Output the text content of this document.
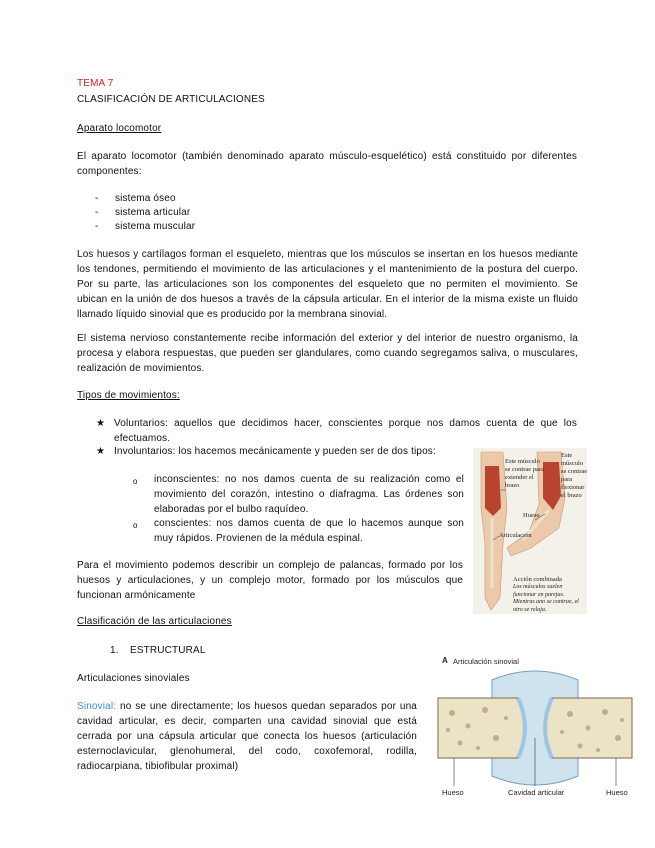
TEMA 7
CLASIFICACIÓN DE ARTICULACIONES
Aparato locomotor
El aparato locomotor (también denominado aparato músculo-esquelético) está constituido por diferentes componentes:
- sistema óseo
- sistema articular
- sistema muscular
Los huesos y cartílagos forman el esqueleto, mientras que los músculos se insertan en los huesos mediante los tendones, permitiendo el movimiento de las articulaciones y el mantenimiento de la postura del cuerpo. Por su parte, las articulaciones son los componentes del esqueleto que no permiten el movimiento. Se ubican en la unión de dos huesos a través de la cápsula articular. En el interior de la misma existe un fluido llamado líquido sinovial que es producido por la membrana sinovial.
El sistema nervioso constantemente recibe información del exterior y del interior de nuestro organismo, la procesa y elabora respuestas, que pueden ser glandulares, como cuando segregamos saliva, o musculares, realización de movimientos.
Tipos de movimientos:
★ Voluntarios: aquellos que decidimos hacer, conscientes porque nos damos cuenta de que los efectuamos.
★ Involuntarios: los hacemos mecánicamente y pueden ser de dos tipos:
o inconscientes: no nos damos cuenta de su realización como el movimiento del corazón, intestino o diafragma. Las órdenes son elaboradas por el bulbo raquídeo.
o conscientes: nos damos cuenta de que lo hacemos aunque son muy rápidos. Provienen de la médula espinal.
Para el movimiento podemos describir un complejo de palancas, formado por los huesos y articulaciones, y un complejo motor, formado por los músculos que funcionan armónicamente
Este músculo se contrae para extender el brazo
Este músculo se contrae para flexionar el brazo
Hueso
Articulación
Acción combinada
Los músculos suelen funcionar en parejas. Mientras uno se contrae, el otro se relaja.
Clasificación de las articulaciones
1. ESTRUCTURAL
Articulaciones sinoviales
Sinovial: no se une directamente; los huesos quedan separados por una cavidad articular, es decir, comparten una cavidad sinovial que está cerrada por una cápsula articular que conecta los huesos (articulación esternoclavicular, glenohumeral, del codo, coxofemoral, rodilla, radiocarpiana, tibiofibular proximal)
A Articulación sinovial
Hueso	Cavidad articular	Hueso
